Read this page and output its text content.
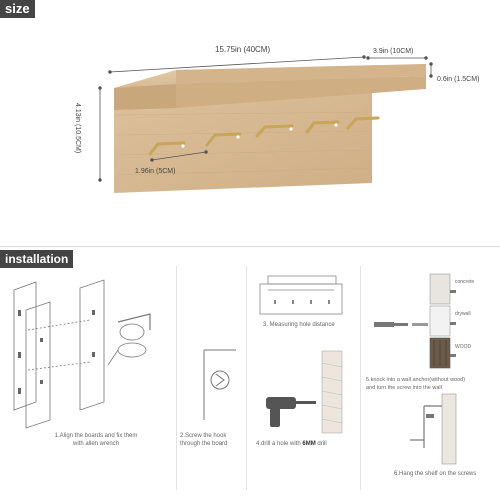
size
15.75in (40CM)	3.9in (10CM)
0.6in (1.5CM)
4.13in (10.5CM)
1.96in (5CM)
installation
1.Align the boards and fix them
with allen wrench
2.Screw the hook
through the board
3. Measuring hole distance
4.drill a hole with 6MM drill
concrete
drywall
WOOD
5.knock into a wall anchor(without wood)
and turn the screw into the wall
6.Hang the shelf on the screws
